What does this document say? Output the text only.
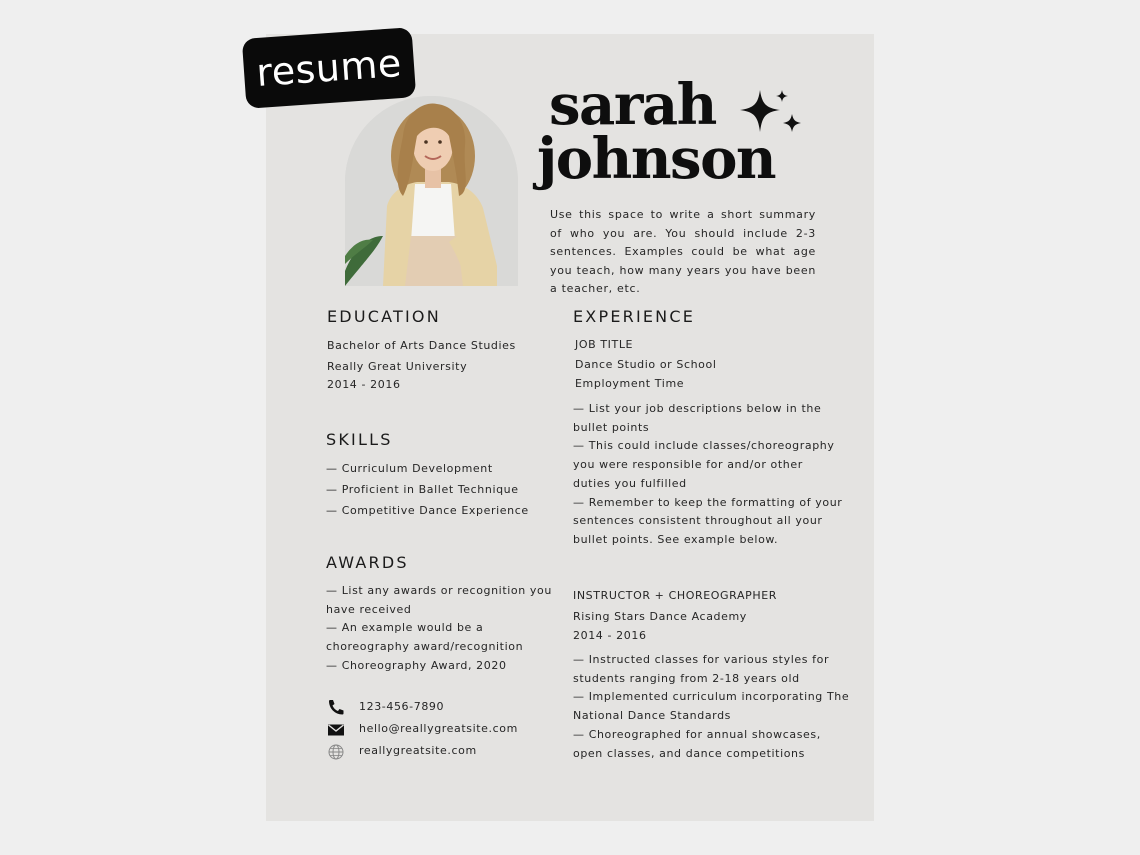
resume
sarah
johnson
Use this space to write a short summary of who you are. You should include 2-3 sentences. Examples could be what age you teach, how many years you have been a teacher, etc.
EDUCATION
Bachelor of Arts Dance Studies
Really Great University
2014 - 2016
SKILLS
— Curriculum Development
— Proficient in Ballet Technique
— Competitive Dance Experience
AWARDS
— List any awards or recognition you
have received
— An example would be a
choreography award/recognition
— Choreography Award, 2020
123-456-7890
hello@reallygreatsite.com
reallygreatsite.com
EXPERIENCE
JOB TITLE
Dance Studio or School
Employment Time
— List your job descriptions below in the
bullet points
— This could include classes/choreography
you were responsible for and/or other
duties you fulfilled
— Remember to keep the formatting of your
sentences consistent throughout all your
bullet points. See example below.
INSTRUCTOR + CHOREOGRAPHER
Rising Stars Dance Academy
2014 - 2016
— Instructed classes for various styles for
students ranging from 2-18 years old
— Implemented curriculum incorporating The
National Dance Standards
— Choreographed for annual showcases,
open classes, and dance competitions
